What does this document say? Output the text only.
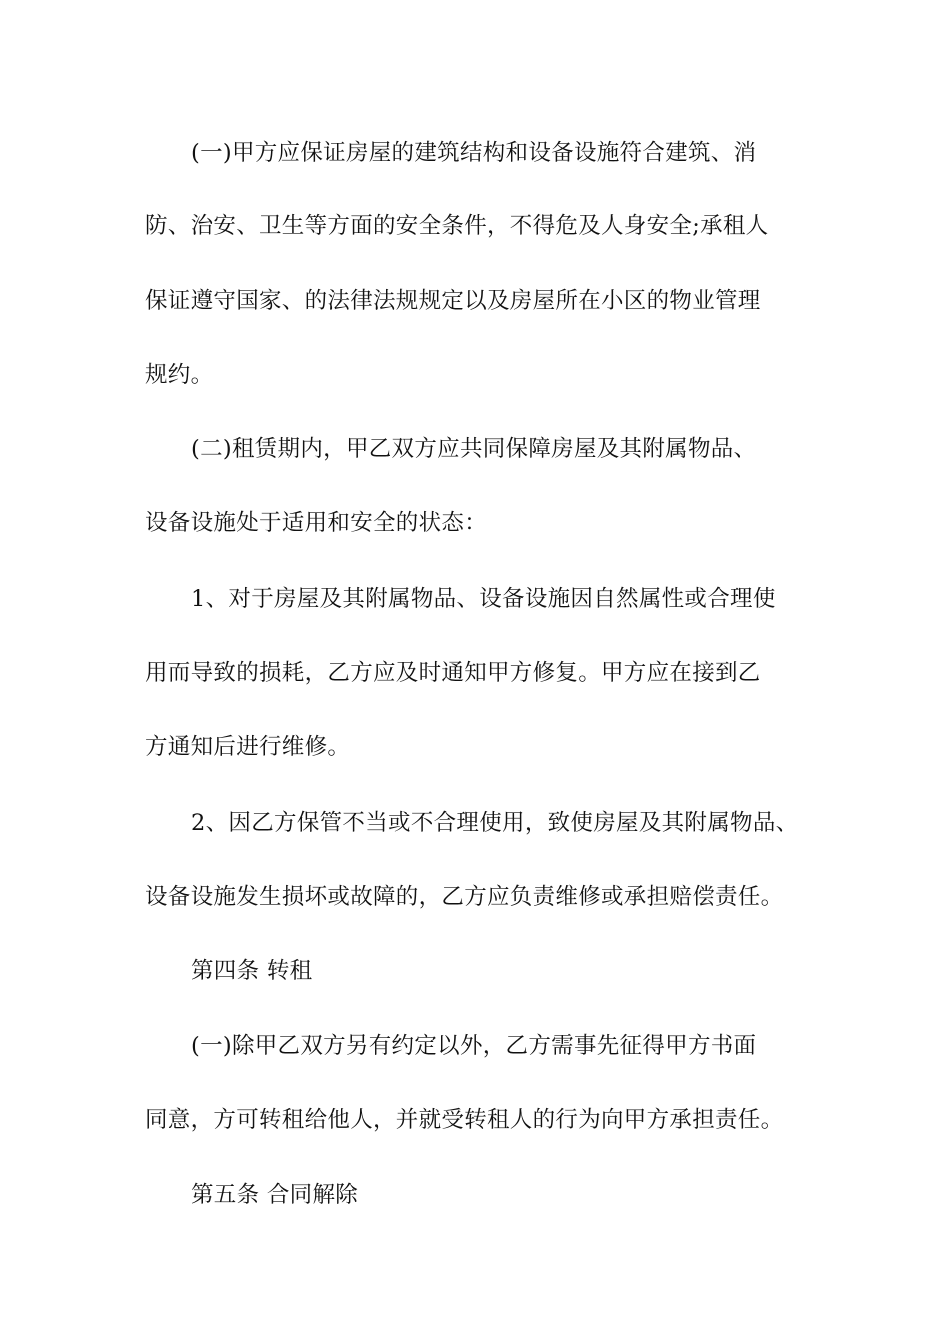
(一)甲方应保证房屋的建筑结构和设备设施符合建筑、消
防、治安、卫生等方面的安全条件，不得危及人身安全;承租人
保证遵守国家、的法律法规规定以及房屋所在小区的物业管理
规约。
(二)租赁期内，甲乙双方应共同保障房屋及其附属物品、
设备设施处于适用和安全的状态：
1、对于房屋及其附属物品、设备设施因自然属性或合理使
用而导致的损耗，乙方应及时通知甲方修复。甲方应在接到乙
方通知后进行维修。
2、因乙方保管不当或不合理使用，致使房屋及其附属物品、
设备设施发生损坏或故障的，乙方应负责维修或承担赔偿责任。
第四条 转租
(一)除甲乙双方另有约定以外，乙方需事先征得甲方书面
同意，方可转租给他人，并就受转租人的行为向甲方承担责任。
第五条 合同解除
